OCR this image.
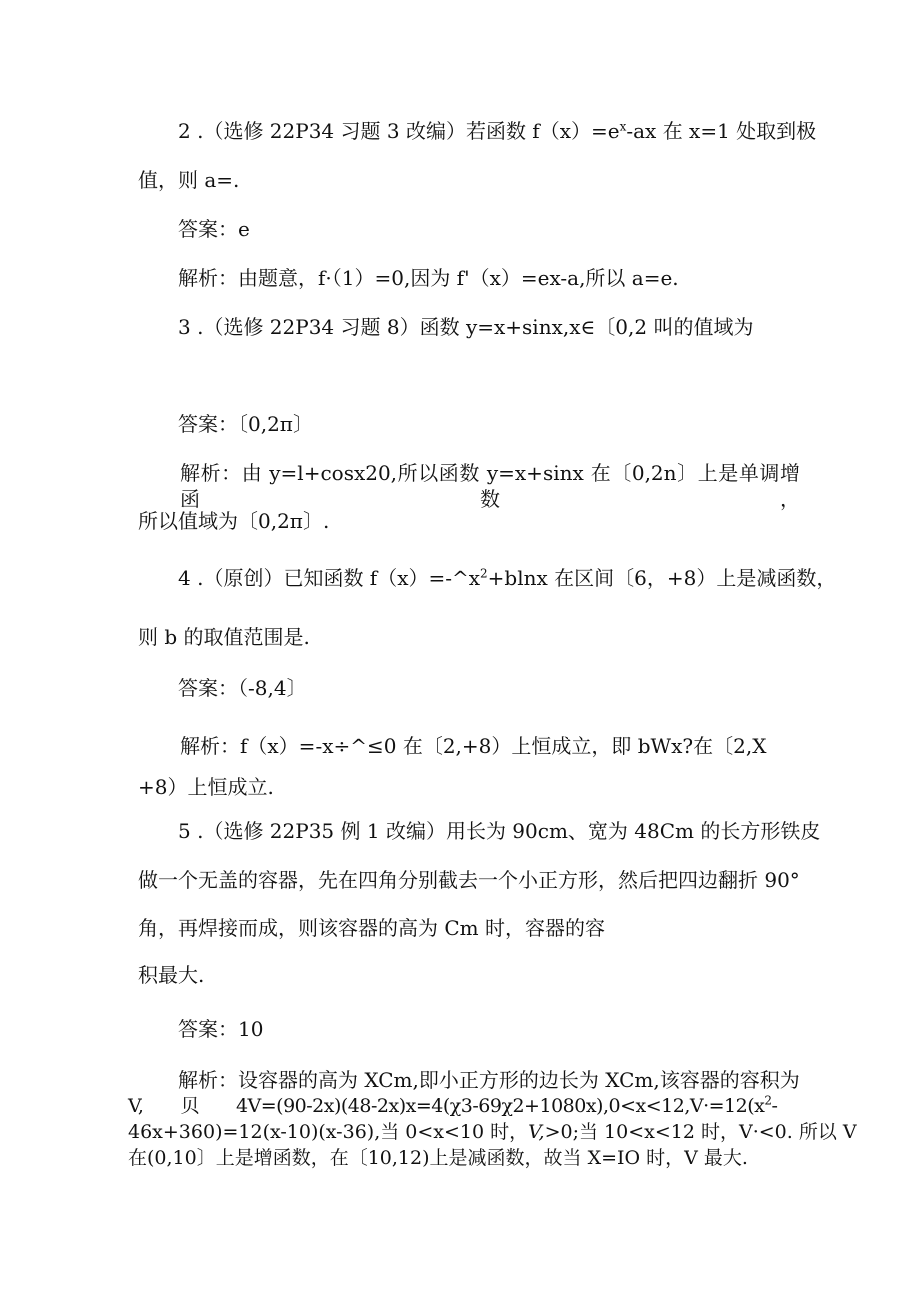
2 .（选修 22P34 习题 3 改编）若函数 $f(x)=e^x-ax$ 在 x=1 处取到极

值，则 a=.

答案：e

解析：由题意，f·（1）=0,因为 f'（x）=ex-a,所以 a=e.

3 .（选修 22P34 习题 8）函数 y=x+sinx,x∈〔0,2 叫的值域为

答案：〔0,2π〕

解析：由 y=l+cosx20,所以函数 y=x+sinx 在〔0,2n〕上是单调增函数，

所以值域为〔0,2π〕.

4 .（原创）已知函数 $f(x)=-\^{}x^2+blnx$ 在区间〔6，+8）上是减函数，

则 b 的取值范围是.

答案：（-8,4〕

解析：f（x）=-x÷^≤0 在〔2,+8）上恒成立，即 bWx?在〔2,X

+8）上恒成立.

5 .（选修 22P35 例 1 改编）用长为 90cm、宽为 48Cm 的长方形铁皮

做一个无盖的容器，先在四角分别截去一个小正方形，然后把四边翻折 90°

角，再焊接而成，则该容器的高为 Cm 时，容器的容

积最大.

答案：10

解析：设容器的高为 XCm,即小正方形的边长为 XCm,该容器的容积为

V,　　贝　　$4V=(90-2x)(48-2x)x=4(\chi 3-69\chi 2+1080x),0<x<12,V\cdot=12(x^2-$

46x+360)=12(x-10)(x-36),当 0<x<10 时，V,>0;当 10<x<12 时，V·<0. 所以 V

在(0,10〕上是增函数，在〔10,12)上是减函数，故当 X=IO 时，V 最大.
